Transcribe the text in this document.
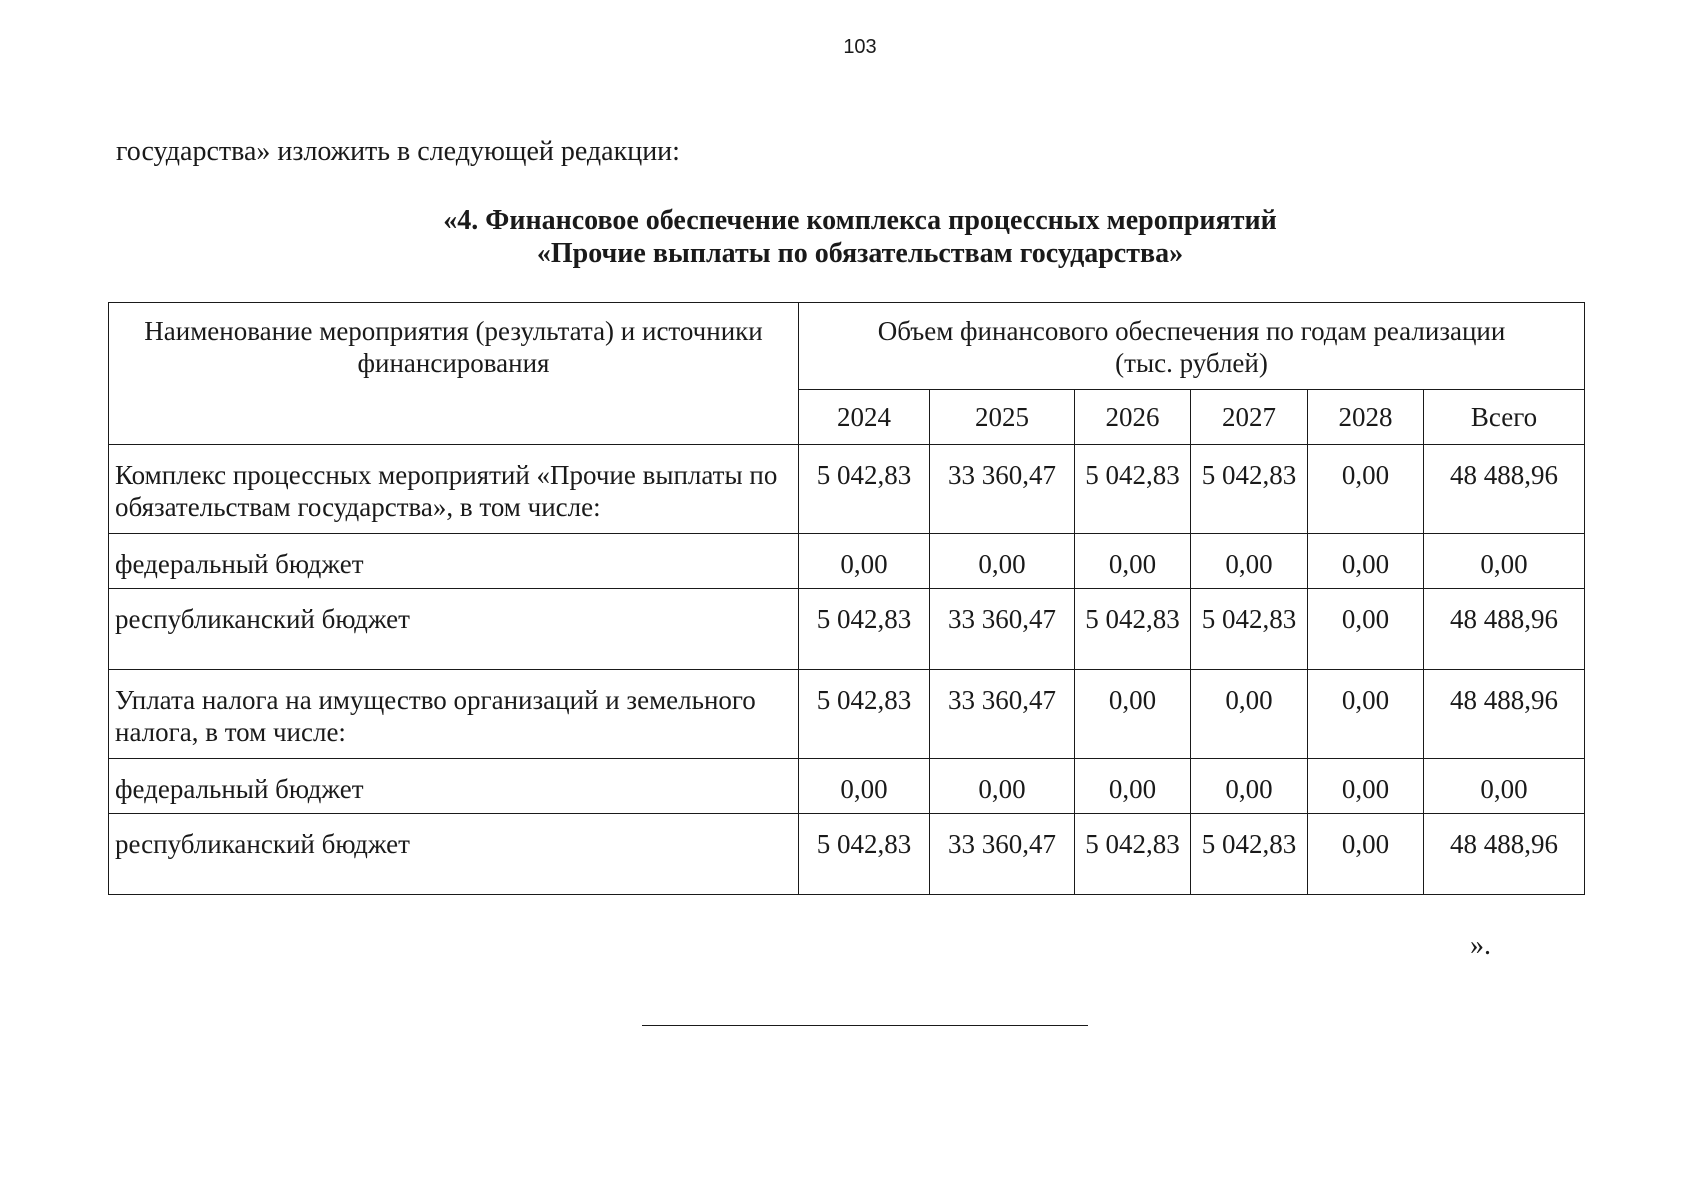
103
государства» изложить в следующей редакции:
«4. Финансовое обеспечение комплекса процессных мероприятий
«Прочие выплаты по обязательствам государства»
Наименование мероприятия (результата) и источники финансирования	Объем финансового обеспечения по годам реализации
(тыс. рублей)					

	2024	2025	2026	2027	2028	Всего
Комплекс процессных мероприятий «Прочие выплаты по обязательствам государства», в том числе:	5 042,83	33 360,47	5 042,83	5 042,83	0,00	48 488,96
федеральный бюджет	0,00	0,00	0,00	0,00	0,00	0,00
республиканский бюджет	5 042,83	33 360,47	5 042,83	5 042,83	0,00	48 488,96
Уплата налога на имущество организаций и земельного налога, в том числе:	5 042,83	33 360,47	0,00	0,00	0,00	48 488,96
федеральный бюджет	0,00	0,00	0,00	0,00	0,00	0,00
республиканский бюджет	5 042,83	33 360,47	5 042,83	5 042,83	0,00	48 488,96
».
